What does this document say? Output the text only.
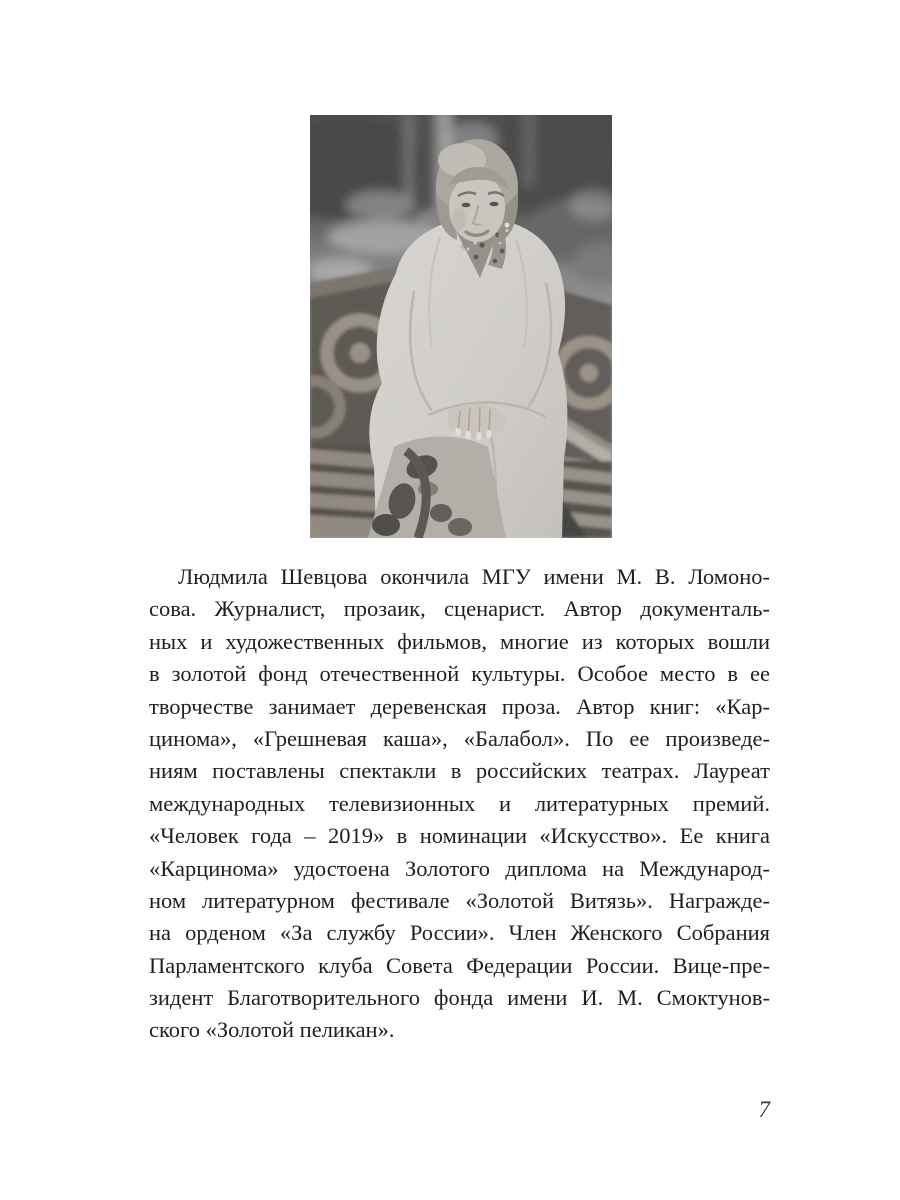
Людмила Шевцова окончила МГУ имени М. В. Ломоно-
сова. Журналист, прозаик, сценарист. Автор документаль-
ных и художественных фильмов, многие из которых вошли
в золотой фонд отечественной культуры. Особое место в ее
творчестве занимает деревенская проза. Автор книг: «Кар-
цинома», «Грешневая каша», «Балабол». По ее произведе-
ниям поставлены спектакли в российских театрах. Лауреат
международных телевизионных и литературных премий.
«Человек года – 2019» в номинации «Искусство». Ее книга
«Карцинома» удостоена Золотого диплома на Международ-
ном литературном фестивале «Золотой Витязь». Награжде-
на орденом «За службу России». Член Женского Собрания
Парламентского клуба Совета Федерации России. Вице-пре-
зидент Благотворительного фонда имени И. М. Смоктунов-
ского «Золотой пеликан».
7
